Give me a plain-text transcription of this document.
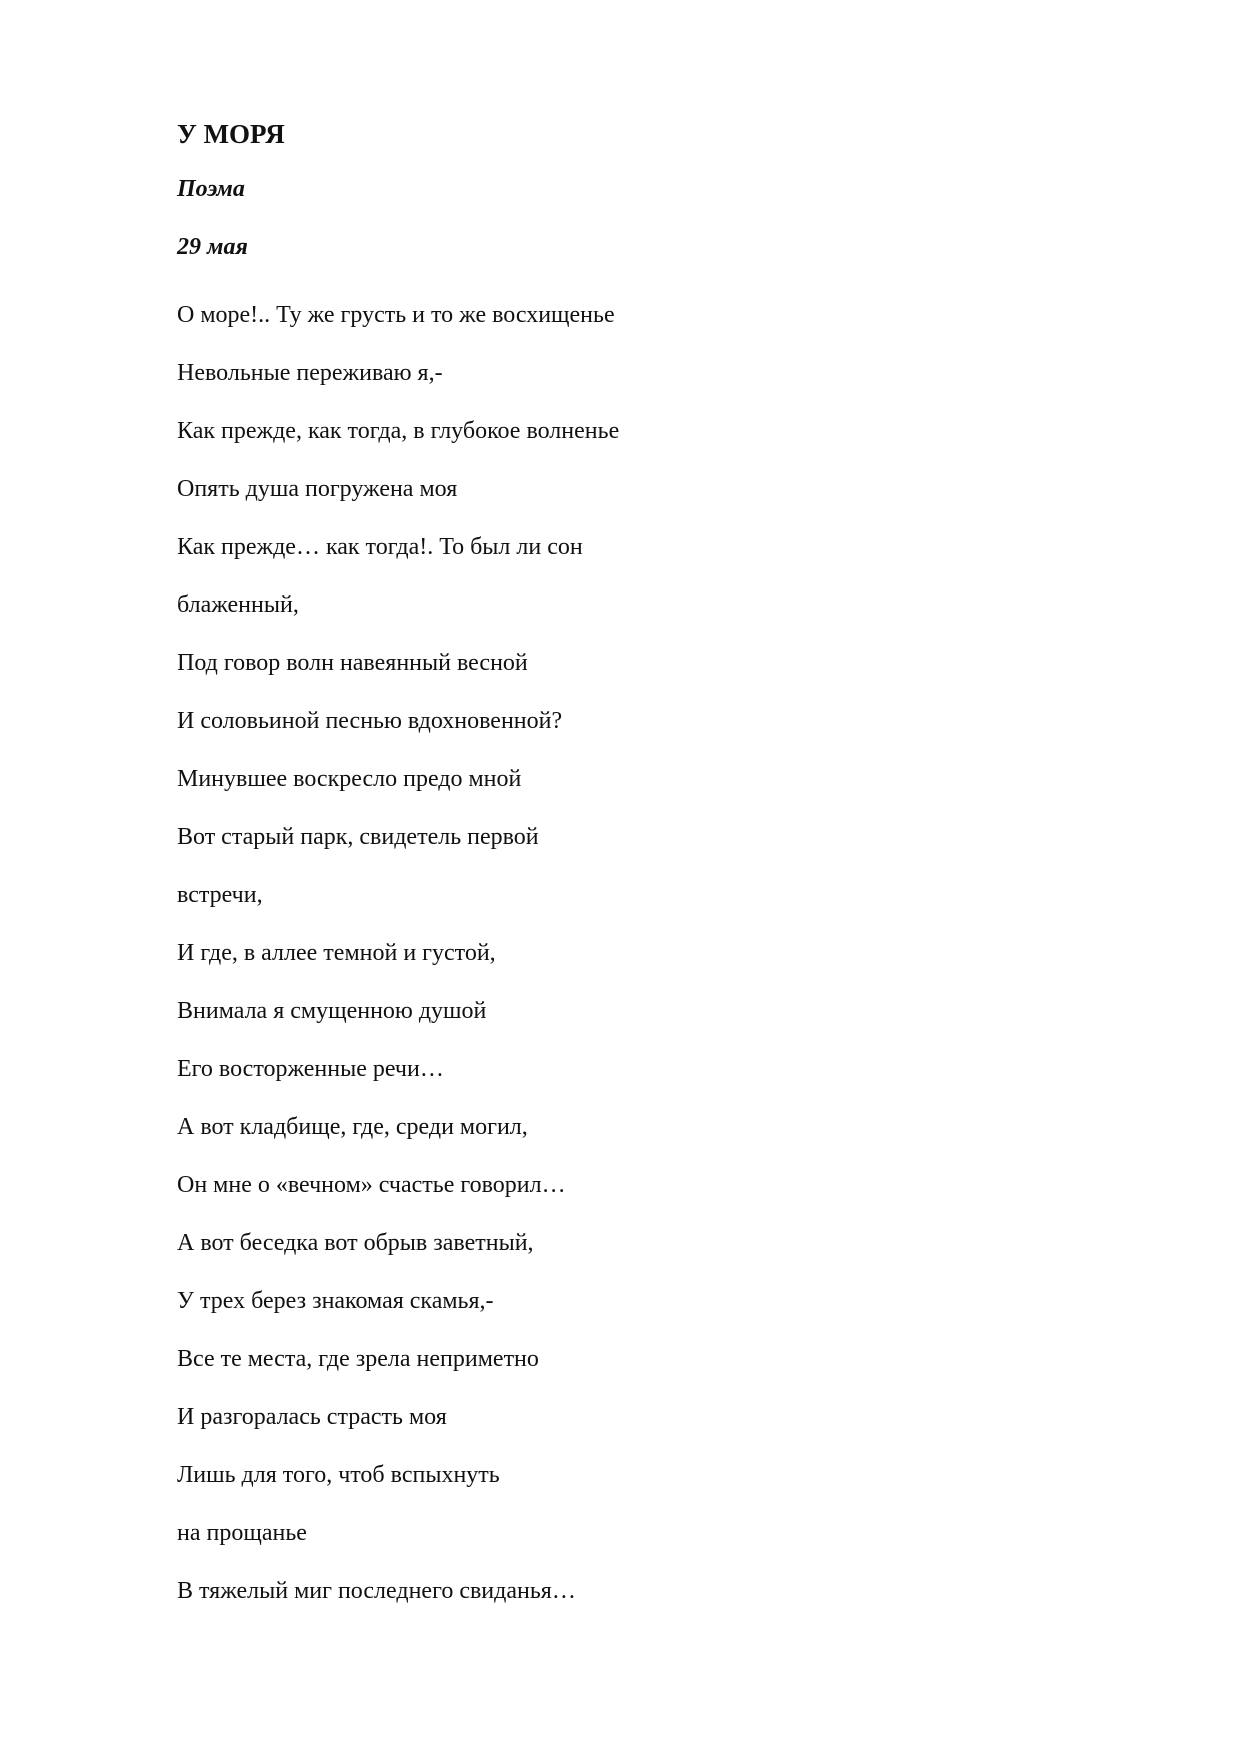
У МОРЯ
Поэма
29 мая
О море!.. Ту же грусть и то же восхищенье
Невольные переживаю я,-
Как прежде, как тогда, в глубокое волненье
Опять душа погружена моя
Как прежде… как тогда!. То был ли сон
блаженный,
Под говор волн навеянный весной
И соловьиной песнью вдохновенной?
Минувшее воскресло предо мной
Вот старый парк, свидетель первой
встречи,
И где, в аллее темной и густой,
Внимала я смущенною душой
Его восторженные речи…
А вот кладбище, где, среди могил,
Он мне о «вечном» счастье говорил…
А вот беседка вот обрыв заветный,
У трех берез знакомая скамья,-
Все те места, где зрела неприметно
И разгоралась страсть моя
Лишь для того, чтоб вспыхнуть
на прощанье
В тяжелый миг последнего свиданья…
